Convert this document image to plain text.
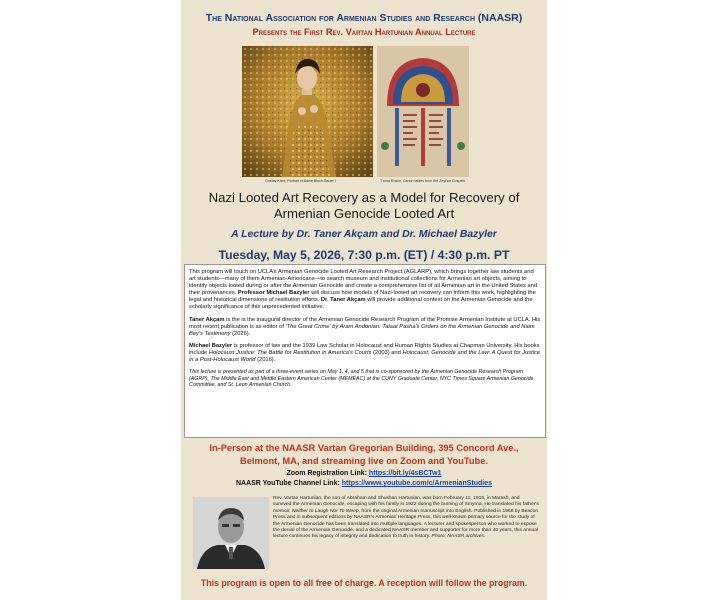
The National Association for Armenian Studies and Research (NAASR)
Presents the First Rev. Vartan Hartunian Annual Lecture
Gustav Klimt, Portrait of Adele Bloch-Bauer I	T'oros Roslin, Canon tables from the Zeyt'un Gospels
Nazi Looted Art Recovery as a Model for Recovery of Armenian Genocide Looted Art
A Lecture by Dr. Taner Akçam and Dr. Michael Bazyler
Tuesday, May 5, 2026, 7:30 p.m. (ET) / 4:30 p.m. PT

This program will touch on UCLA’s Armenian Genocide Looted Art Research Project (AGLARP), which brings together law students and art students—many of them Armenian-Americans—to search museum and institutional collections for Armenian art objects, aiming to identify objects looted during or after the Armenian Genocide and create a comprehensive list of all Armenian art in the United States and their provenances. Professor Michael Bazyler will discuss how models of Nazi-looted art recovery can inform this work, highlighting the legal and historical dimensions of restitution efforts. Dr. Taner Akçam will provide additional context on the Armenian Genocide and the scholarly significance of this unprecedented initiative.

Taner Akçam is the is the inaugural director of the Armenian Genocide Research Program of the Promise Armenian Institute at UCLA. His most recent publication is as editor of 'The Great Crime' by Aram Andonian: Talaat Pasha's Orders on the Armenian Genocide and Naim Bey's Testimony (2026).

Michael Bazyler is professor of law and the 1939 Law Scholar in Holocaust and Human Rights Studies at Chapman University. His books include Holocaust Justice: The Battle for Restitution in America's Courts (2003) and Holocaust, Genocide and the Law: A Quest for Justice in a Post-Holocaust World (2016).

This lecture is presented as part of a three-event series on May 1, 4, and 5 that is co-sponsored by the Armenian Genocide Research Program (AGRP), The Middle East and Middle Eastern American Center (MEMEAC) at the CUNY Graduate Center, NYC Times Square Armenian Genocide Committee, and St. Leon Armenian Church.

In-Person at the NAASR Vartan Gregorian Building, 395 Concord Ave., Belmont, MA, and streaming live on Zoom and YouTube.
Zoom Registration Link: https://bit.ly/4sBCTw1
NAASR YouTube Channel Link: https://www.youtube.com/c/ArmenianStudies
Rev. Vartan Hartunian, the son of Abraham and Shushan Hartunian, was born February 11, 1915, in Marash, and survived the Armenian Genocide, escaping with his family in 1922 during the burning of Smyrna. He translated his father's memoir, Neither to Laugh Nor To Weep, from the original Armenian manuscript into English. Published in 1968 by Beacon Press and in subsequent editions by NAASR's Armenian Heritage Press, this well-known primary source for the study of the Armenian Genocide has been translated into multiple languages. A lecturer and spokesperson who worked to expose the denial of the Armenian Genocide, and a dedicated NAASR member and supporter for more than 40 years, this annual lecture continues his legacy of integrity and dedication to truth in history. Photo: NAASR archives.
This program is open to all free of charge. A reception will follow the program.
